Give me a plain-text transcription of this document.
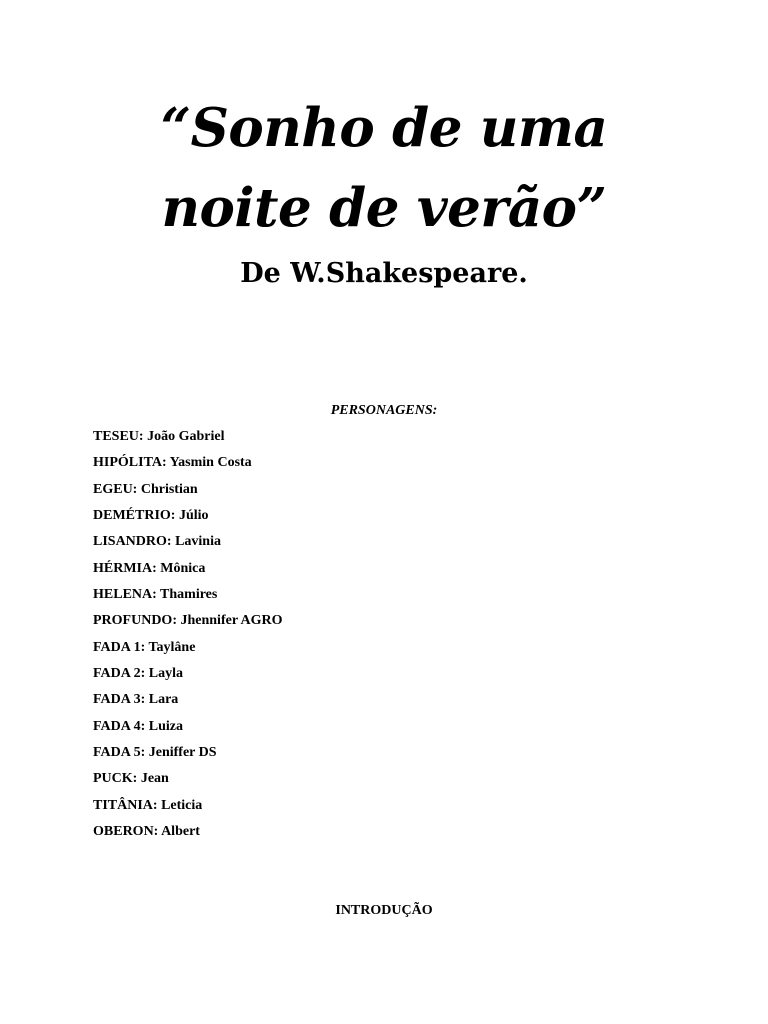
“Sonho de uma
noite de verão”
De W.Shakespeare.

PERSONAGENS:

TESEU: João Gabriel
HIPÓLITA: Yasmin Costa
EGEU: Christian
DEMÉTRIO: Júlio
LISANDRO: Lavinia
HÉRMIA: Mônica
HELENA: Thamires
PROFUNDO: Jhennifer AGRO
FADA 1: Taylâne
FADA 2: Layla
FADA 3: Lara
FADA 4: Luiza
FADA 5: Jeniffer DS
PUCK: Jean
TITÂNIA: Leticia
OBERON: Albert

INTRODUÇÃO
